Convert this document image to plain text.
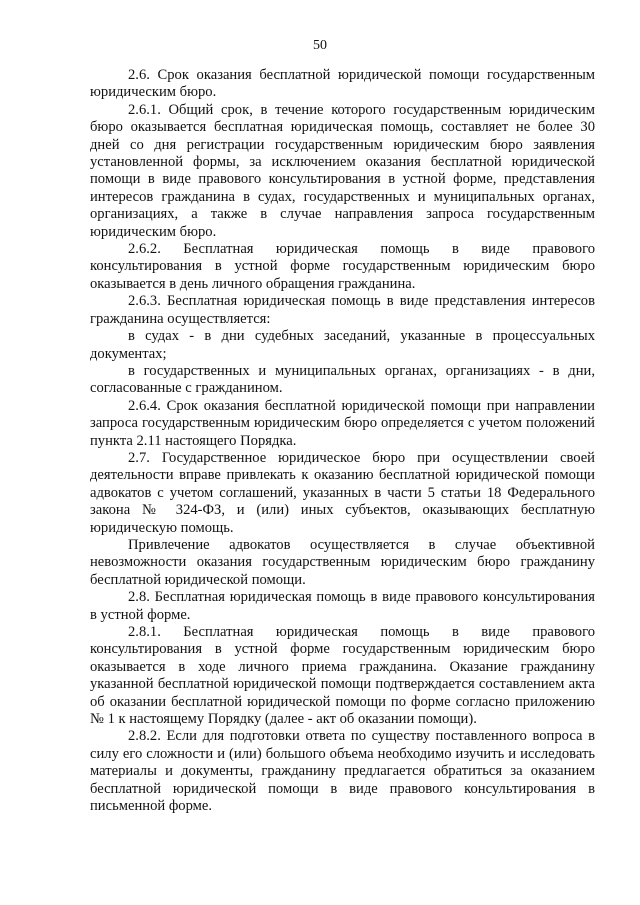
50

2.6. Срок оказания бесплатной юридической помощи государственным юридическим бюро.

2.6.1. Общий срок, в течение которого государственным юридическим бюро оказывается бесплатная юридическая помощь, составляет не более 30 дней со дня регистрации государственным юридическим бюро заявления установленной формы, за исключением оказания бесплатной юридической помощи в виде правового консультирования в устной форме, представления интересов гражданина в судах, государственных и муниципальных органах, организациях, а также в случае направления запроса государственным юридическим бюро.

2.6.2. Бесплатная юридическая помощь в виде правового консультирования в устной форме государственным юридическим бюро оказывается в день личного обращения гражданина.

2.6.3. Бесплатная юридическая помощь в виде представления интересов гражданина осуществляется:

в судах - в дни судебных заседаний, указанные в процессуальных документах;

в государственных и муниципальных органах, организациях - в дни, согласованные с гражданином.

2.6.4. Срок оказания бесплатной юридической помощи при направлении запроса государственным юридическим бюро определяется с учетом положений пункта 2.11 настоящего Порядка.

2.7. Государственное юридическое бюро при осуществлении своей деятельности вправе привлекать к оказанию бесплатной юридической помощи адвокатов с учетом соглашений, указанных в части 5 статьи 18 Федерального закона № 324-ФЗ, и (или) иных субъектов, оказывающих бесплатную юридическую помощь.

Привлечение адвокатов осуществляется в случае объективной невозможности оказания государственным юридическим бюро гражданину бесплатной юридической помощи.

2.8. Бесплатная юридическая помощь в виде правового консультирования в устной форме.

2.8.1. Бесплатная юридическая помощь в виде правового консультирования в устной форме государственным юридическим бюро оказывается в ходе личного приема гражданина. Оказание гражданину указанной бесплатной юридической помощи подтверждается составлением акта об оказании бесплатной юридической помощи по форме согласно приложению № 1 к настоящему Порядку (далее - акт об оказании помощи).

2.8.2. Если для подготовки ответа по существу поставленного вопроса в силу его сложности и (или) большого объема необходимо изучить и исследовать материалы и документы, гражданину предлагается обратиться за оказанием бесплатной юридической помощи в виде правового консультирования в письменной форме.
